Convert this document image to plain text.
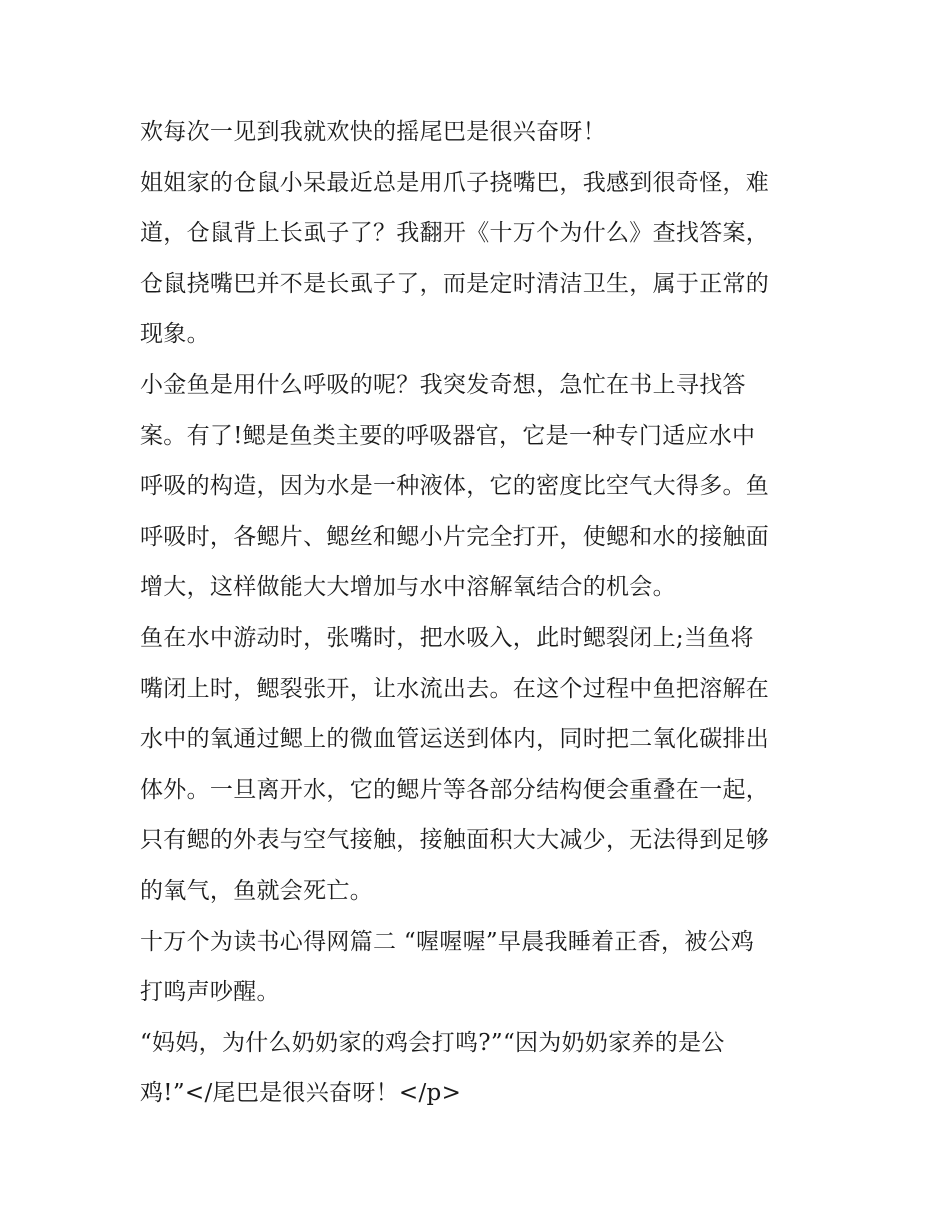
欢每次一见到我就欢快的摇尾巴是很兴奋呀！

姐姐家的仓鼠小呆最近总是用爪子挠嘴巴，我感到很奇怪，难

道，仓鼠背上长虱子了？我翻开《十万个为什么》查找答案，

仓鼠挠嘴巴并不是长虱子了，而是定时清洁卫生，属于正常的

现象。

小金鱼是用什么呼吸的呢？我突发奇想，急忙在书上寻找答

案。有了!鳃是鱼类主要的呼吸器官，它是一种专门适应水中

呼吸的构造，因为水是一种液体，它的密度比空气大得多。鱼

呼吸时，各鳃片、鳃丝和鳃小片完全打开，使鳃和水的接触面

增大，这样做能大大增加与水中溶解氧结合的机会。

鱼在水中游动时，张嘴时，把水吸入，此时鳃裂闭上;当鱼将

嘴闭上时，鳃裂张开，让水流出去。在这个过程中鱼把溶解在

水中的氧通过鳃上的微血管运送到体内，同时把二氧化碳排出

体外。一旦离开水，它的鳃片等各部分结构便会重叠在一起，

只有鳃的外表与空气接触，接触面积大大减少，无法得到足够

的氧气，鱼就会死亡。

十万个为读书心得网篇二 “喔喔喔”早晨我睡着正香，被公鸡

打鸣声吵醒。

“妈妈，为什么奶奶家的鸡会打鸣?”“因为奶奶家养的是公

鸡!”</尾巴是很兴奋呀！</p>
